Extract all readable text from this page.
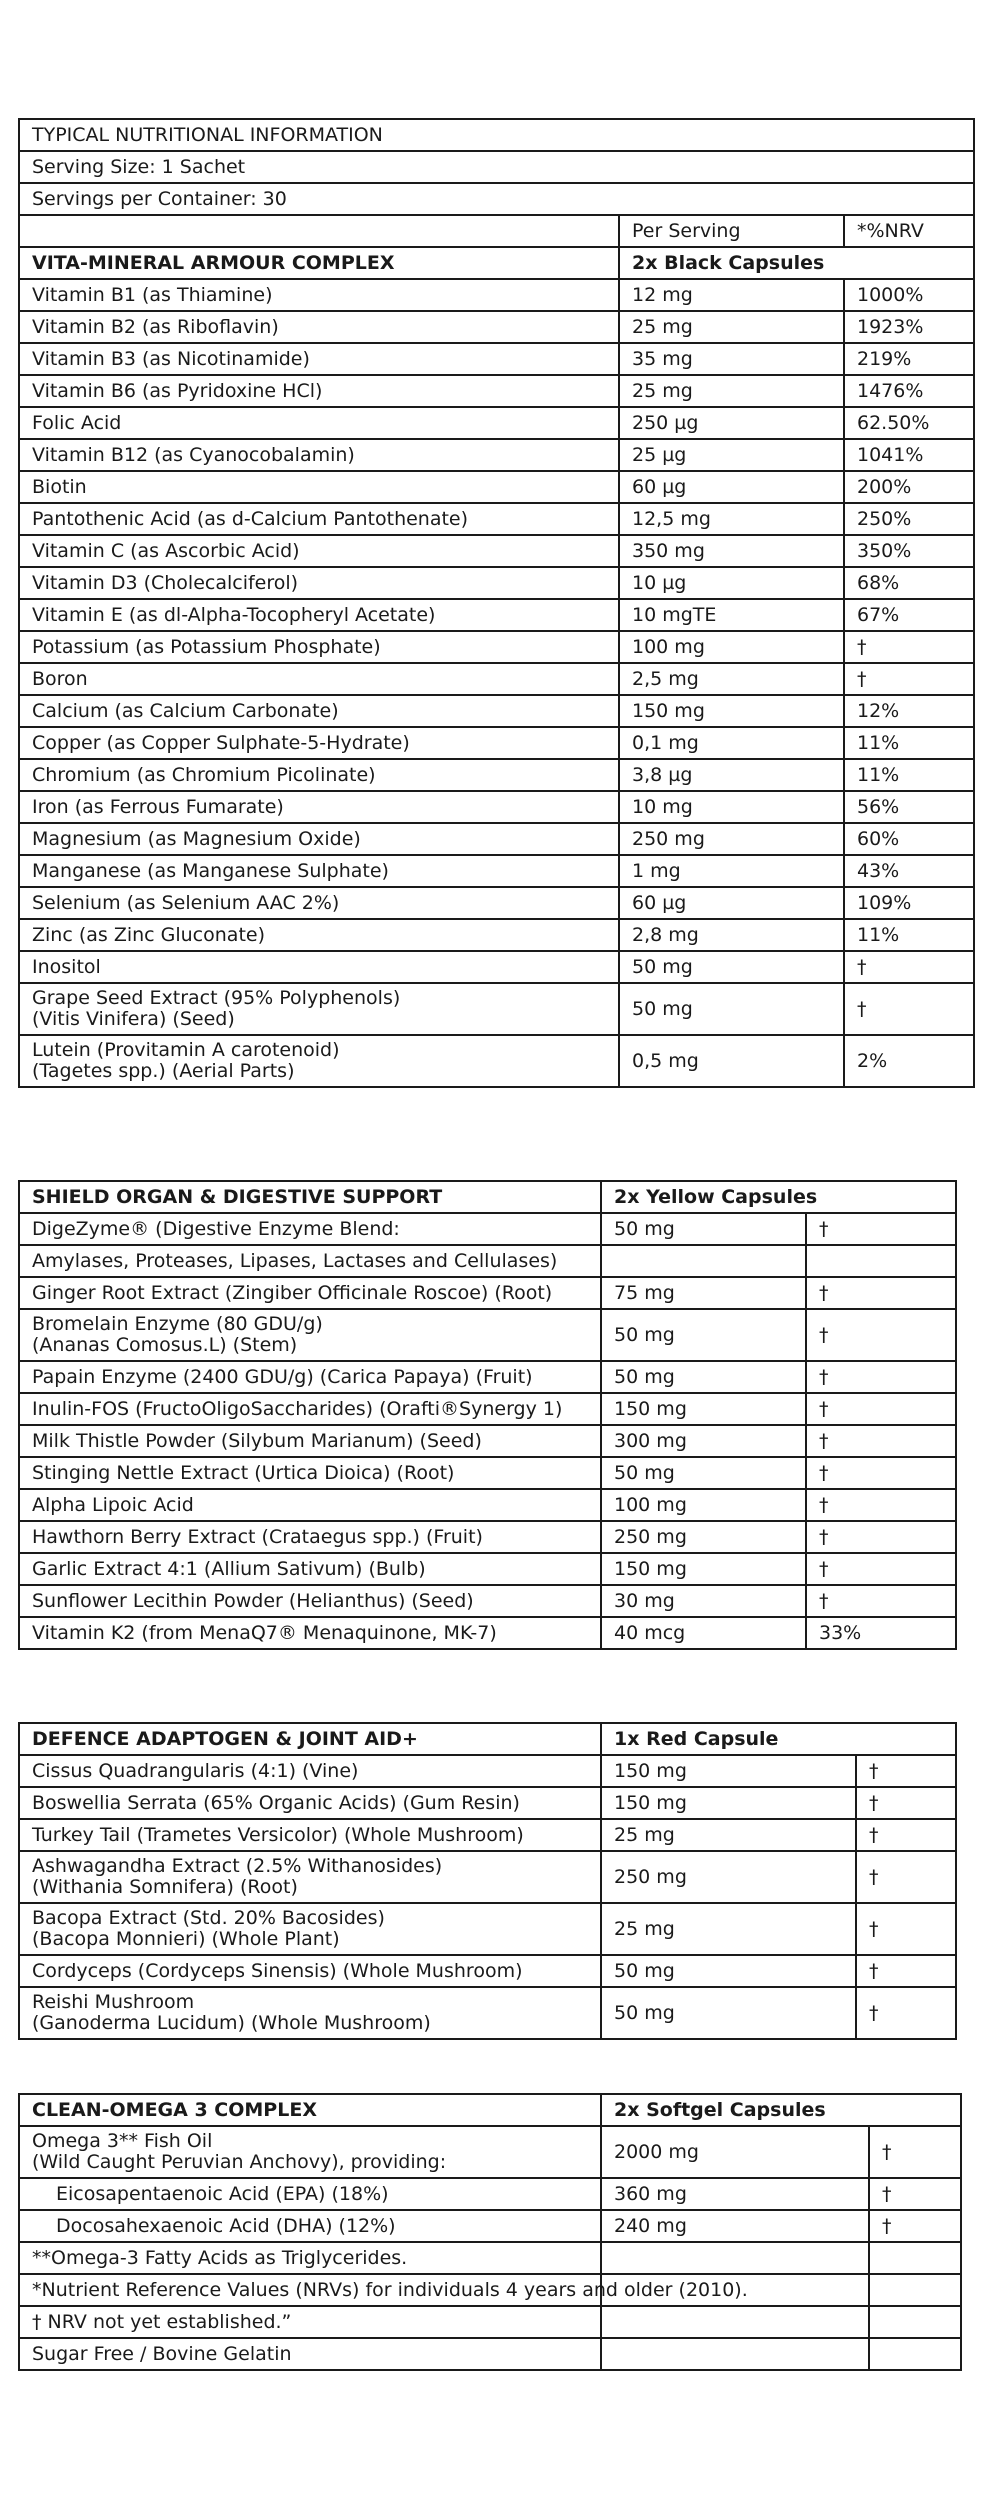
TYPICAL NUTRITIONAL INFORMATION		
Serving Size: 1 Sachet		
Servings per Container: 30		
	Per Serving	*%NRV
VITA-MINERAL ARMOUR COMPLEX	2x Black Capsules	

Vitamin B1 (as Thiamine)	12 mg	1000%

Vitamin B2 (as Riboflavin)	25 mg	1923%

Vitamin B3 (as Nicotinamide)	35 mg	219%

Vitamin B6 (as Pyridoxine HCl)	25 mg	1476%

Folic Acid	250 µg	62.50%

Vitamin B12 (as Cyanocobalamin)	25 µg	1041%

Biotin	60 µg	200%

Pantothenic Acid (as d-Calcium Pantothenate)	12,5 mg	250%

Vitamin C (as Ascorbic Acid)	350 mg	350%

Vitamin D3 (Cholecalciferol)	10 µg	68%

Vitamin E (as dl-Alpha-Tocopheryl Acetate)	10 mgTE	67%

Potassium (as Potassium Phosphate)	100 mg	†

Boron	2,5 mg	†

Calcium (as Calcium Carbonate)	150 mg	12%

Copper (as Copper Sulphate-5-Hydrate)	0,1 mg	11%

Chromium (as Chromium Picolinate)	3,8 µg	11%

Iron (as Ferrous Fumarate)	10 mg	56%

Magnesium (as Magnesium Oxide)	250 mg	60%

Manganese (as Manganese Sulphate)	1 mg	43%

Selenium (as Selenium AAC 2%)	60 µg	109%

Zinc (as Zinc Gluconate)	2,8 mg	11%

Inositol	50 mg	†

Grape Seed Extract (95% Polyphenols)
(Vitis Vinifera) (Seed)	50 mg	†

Lutein (Provitamin A carotenoid)
(Tagetes spp.) (Aerial Parts)	0,5 mg	2%
SHIELD ORGAN & DIGESTIVE SUPPORT	2x Yellow Capsules	

DigeZyme® (Digestive Enzyme Blend:	50 mg	†

Amylases, Proteases, Lipases, Lactases and Cellulases)		

Ginger Root Extract (Zingiber Officinale Roscoe) (Root)	75 mg	†

Bromelain Enzyme (80 GDU/g)
(Ananas Comosus.L) (Stem)	50 mg	†

Papain Enzyme (2400 GDU/g) (Carica Papaya) (Fruit)	50 mg	†

Inulin-FOS (FructoOligoSaccharides) (Orafti®Synergy 1)	150 mg	†

Milk Thistle Powder (Silybum Marianum) (Seed)	300 mg	†

Stinging Nettle Extract (Urtica Dioica) (Root)	50 mg	†

Alpha Lipoic Acid	100 mg	†

Hawthorn Berry Extract (Crataegus spp.) (Fruit)	250 mg	†

Garlic Extract 4:1 (Allium Sativum) (Bulb)	150 mg	†

Sunflower Lecithin Powder (Helianthus) (Seed)	30 mg	†

Vitamin K2 (from MenaQ7® Menaquinone, MK-7)	40 mcg	33%
DEFENCE ADAPTOGEN & JOINT AID+	1x Red Capsule	

Cissus Quadrangularis (4:1) (Vine)	150 mg	†

Boswellia Serrata (65% Organic Acids) (Gum Resin)	150 mg	†

Turkey Tail (Trametes Versicolor) (Whole Mushroom)	25 mg	†

Ashwagandha Extract (2.5% Withanosides)
(Withania Somnifera) (Root)	250 mg	†

Bacopa Extract (Std. 20% Bacosides)
(Bacopa Monnieri) (Whole Plant)	25 mg	†

Cordyceps (Cordyceps Sinensis) (Whole Mushroom)	50 mg	†

Reishi Mushroom
(Ganoderma Lucidum) (Whole Mushroom)	50 mg	†
CLEAN-OMEGA 3 COMPLEX	2x Softgel Capsules	

Omega 3** Fish Oil
(Wild Caught Peruvian Anchovy), providing:	2000 mg	†

Eicosapentaenoic Acid (EPA) (18%)	360 mg	†

Docosahexaenoic Acid (DHA) (12%)	240 mg	†

**Omega-3 Fatty Acids as Triglycerides.		

*Nutrient Reference Values (NRVs) for individuals 4 years and older (2010).		

† NRV not yet established.”		

Sugar Free / Bovine Gelatin		
